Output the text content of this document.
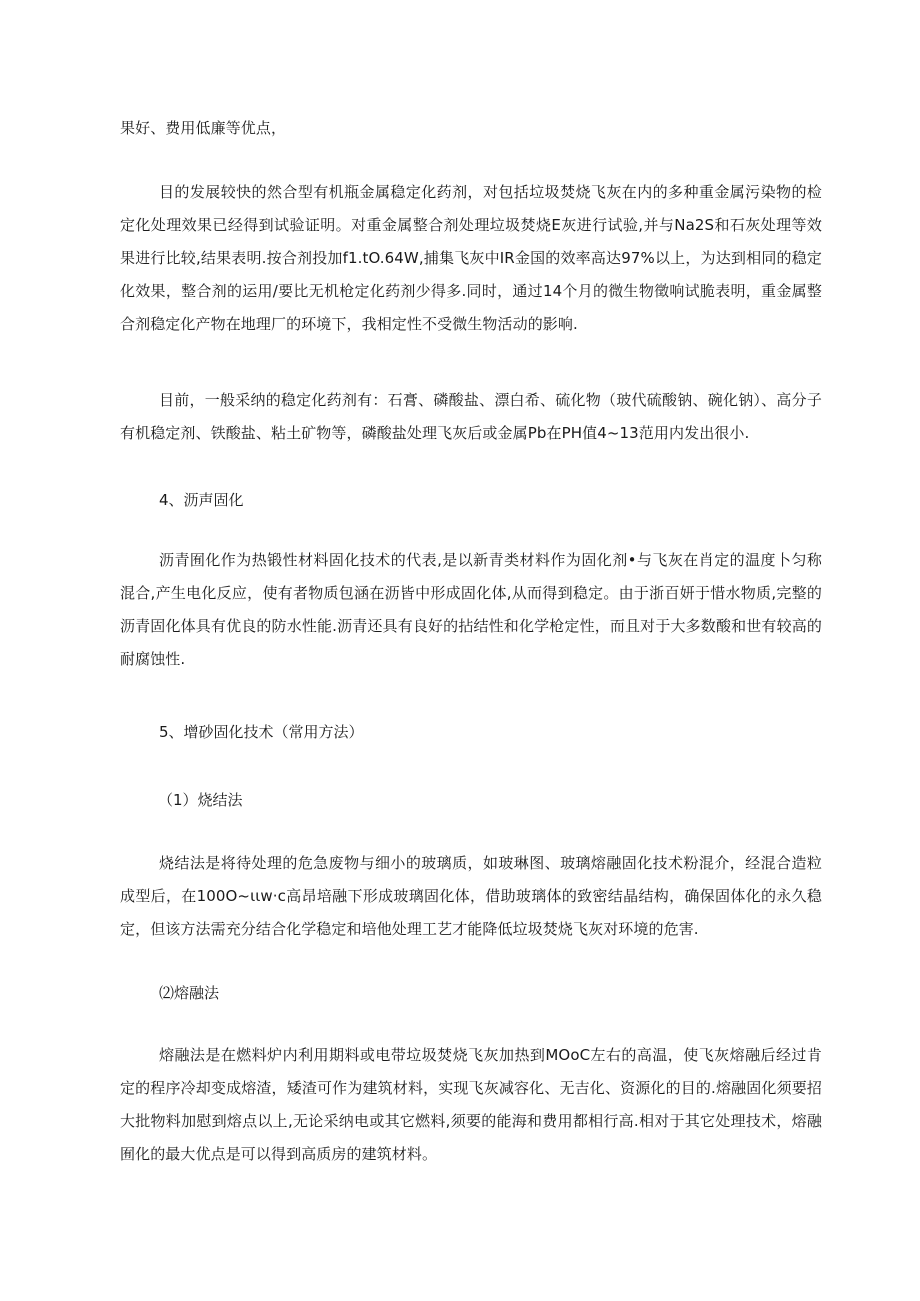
果好、费用低廉等优点，

目的发展较快的然合型有机瓶金属稳定化药剂，对包括垃圾焚烧飞灰在内的多种重金属污染物的检定化处理效果已经得到试验证明。对重金属整合剂处理垃圾焚烧E灰进行试验,并与Na2S和石灰处理等效果进行比较,结果表明.按合剂投加f1.tO.64W,捕集飞灰中IR金国的效率高达97%以上，为达到相同的稳定化效果，整合剂的运用/要比无机枪定化药剂少得多.同时，通过14个月的微生物徵响试脆表明，重金属整合剂稳定化产物在地理厂的环境下，我相定性不受微生物活动的影响.

目前，一般采纳的稳定化药剂有：石膏、磷酸盐、漂白希、硫化物（玻代硫酸钠、碗化钠）、高分子有机稳定剂、铁酸盐、粘土矿物等，磷酸盐处理飞灰后或金属Pb在PH值4~13范用内发出很小.

4、沥声固化

沥青囿化作为热锻性材料固化技术的代表,是以新青类材料作为固化剂•与飞灰在肖定的温度卜匀称混合,产生电化反应，使有者物质包涵在沥皆中形成固化体,从而得到稳定。由于浙百妍于惜水物质,完整的沥青固化体具有优良的防水性能.沥青还具有良好的拈结性和化学枪定性，而且对于大多数酸和世有较高的耐腐蚀性.

5、增砂固化技术（常用方法）
（1）烧结法

烧结法是将待处理的危急废物与细小的玻璃质，如玻琳图、玻璃熔融固化技术粉混介，经混合造粒成型后，在100O~ιιw·c高昂培融下形成玻璃固化体，借助玻璃体的致密结晶结构，确保固体化的永久稳定，但该方法需充分结合化学稳定和培他处理工艺才能降低垃圾焚烧飞灰对环境的危害.

⑵熔融法

熔融法是在燃料炉内利用期料或电带垃圾焚烧飞灰加热到MOoC左右的高温，使飞灰熔融后经过肯定的程序冷却变成熔渣，矮渣可作为建筑材料，实现飞灰减容化、无吉化、资源化的目的.熔融固化须要招大批物料加慰到熔点以上,无论采纳电或其它燃料,须要的能海和费用都相行高.相对于其它处理技术，熔融囿化的最大优点是可以得到高质房的建筑材料。
